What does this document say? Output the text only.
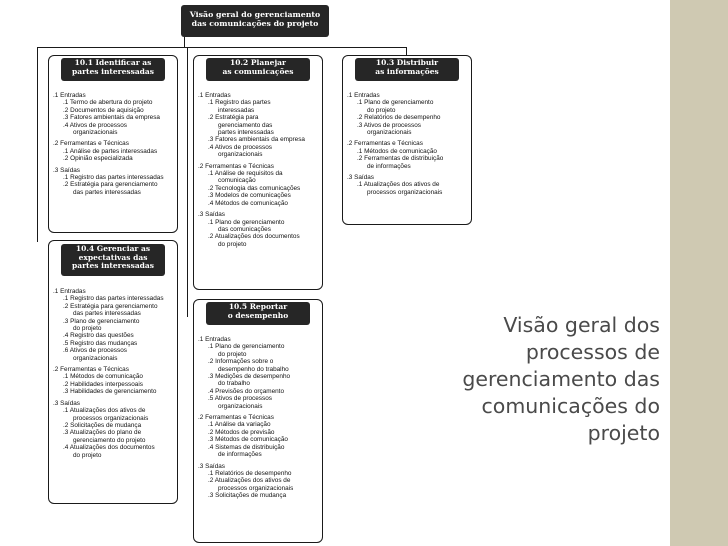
Visão geral do gerenciamento
das comunicações do projeto
10.1 Identificar as
partes interessadas
.1 Entradas
.1 Termo de abertura do projeto
.2 Documentos de aquisição
.3 Fatores ambientais da empresa
.4 Ativos de processos
organizacionais
.2 Ferramentas e Técnicas
.1 Análise de partes interessadas
.2 Opinião especializada
.3 Saídas
.1 Registro das partes interessadas
.2 Estratégia para gerenciamento
das partes interessadas
10.2 Planejar
as comunicações
.1 Entradas
.1 Registro das partes
interessadas
.2 Estratégia para
gerenciamento das
partes interessadas
.3 Fatores ambientais da empresa
.4 Ativos de processos
organizacionais
.2 Ferramentas e Técnicas
.1 Análise de requisitos da
comunicação
.2 Tecnologia das comunicações
.3 Modelos de comunicações
.4 Métodos de comunicação
.3 Saídas
.1 Plano de gerenciamento
das comunicações
.2 Atualizações dos documentos
do projeto
10.3 Distribuir
as informações
.1 Entradas
.1 Plano de gerenciamento
do projeto
.2 Relatórios de desempenho
.3 Ativos de processos
organizacionais
.2 Ferramentas e Técnicas
.1 Métodos de comunicação
.2 Ferramentas de distribuição
de informações
.3 Saídas
.1 Atualizações dos ativos de
processos organizacionais
10.4 Gerenciar as
expectativas das
partes interessadas
.1 Entradas
.1 Registro das partes interessadas
.2 Estratégia para gerenciamento
das partes interessadas
.3 Plano de gerenciamento
do projeto
.4 Registro das questões
.5 Registro das mudanças
.6 Ativos de processos
organizacionais
.2 Ferramentas e Técnicas
.1 Métodos de comunicação
.2 Habilidades interpessoais
.3 Habilidades de gerenciamento
.3 Saídas
.1 Atualizações dos ativos de
processos organizacionais
.2 Solicitações de mudança
.3 Atualizações do plano de
gerenciamento do projeto
.4 Atualizações dos documentos
do projeto
10.5 Reportar
o desempenho
.1 Entradas
.1 Plano de gerenciamento
do projeto
.2 Informações sobre o
desempenho do trabalho
.3 Medições de desempenho
do trabalho
.4 Previsões do orçamento
.5 Ativos de processos
organizacionais
.2 Ferramentas e Técnicas
.1 Análise da variação
.2 Métodos de previsão
.3 Métodos de comunicação
.4 Sistemas de distribuição
de informações
.3 Saídas
.1 Relatórios de desempenho
.2 Atualizações dos ativos de
processos organizacionais
.3 Solicitações de mudança
Visão geral dos
processos de
gerenciamento das
comunicações do
projeto
